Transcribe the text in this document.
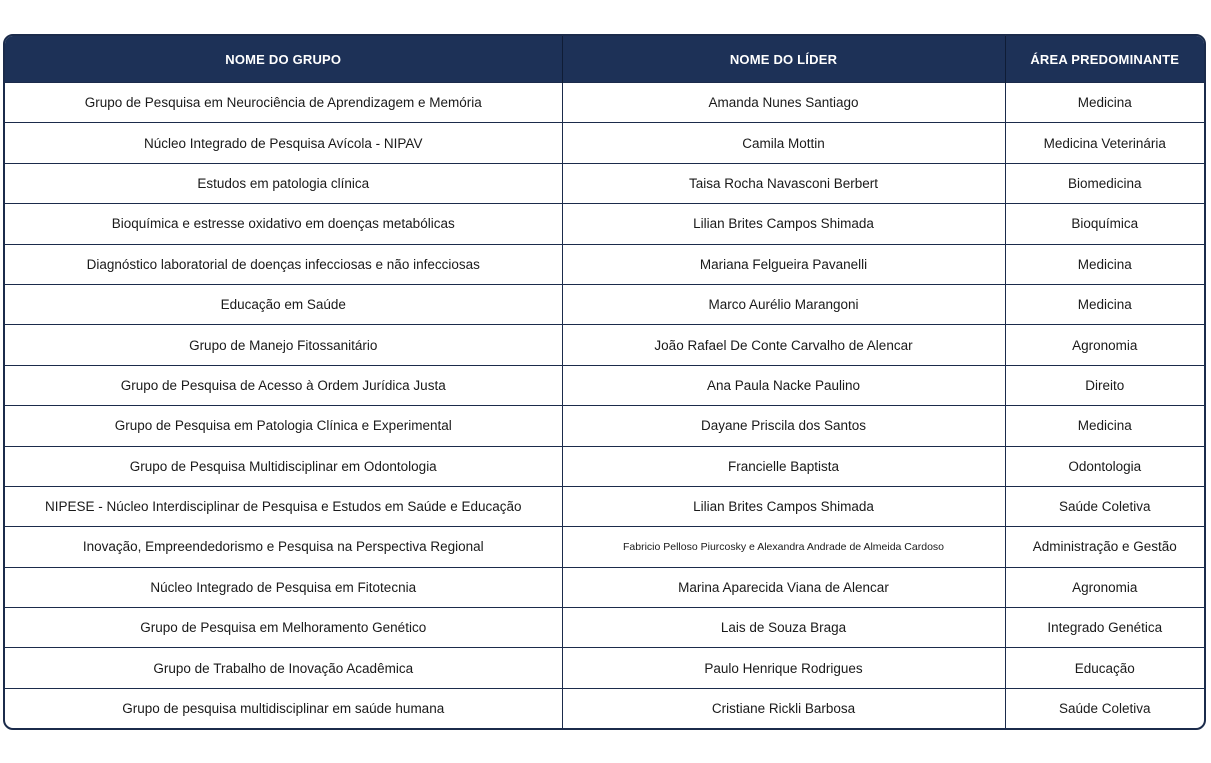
NOME DO GRUPO	NOME DO LÍDER	ÁREA PREDOMINANTE
Grupo de Pesquisa em Neurociência de Aprendizagem e Memória	Amanda Nunes Santiago	Medicina
Núcleo Integrado de Pesquisa Avícola - NIPAV	Camila Mottin	Medicina Veterinária
Estudos em patologia clínica	Taisa Rocha Navasconi Berbert	Biomedicina
Bioquímica e estresse oxidativo em doenças metabólicas	Lilian Brites Campos Shimada	Bioquímica
Diagnóstico laboratorial de doenças infecciosas e não infecciosas	Mariana Felgueira Pavanelli	Medicina
Educação em Saúde	Marco Aurélio Marangoni	Medicina
Grupo de Manejo Fitossanitário	João Rafael De Conte Carvalho de Alencar	Agronomia
Grupo de Pesquisa de Acesso à Ordem Jurídica Justa	Ana Paula Nacke Paulino	Direito
Grupo de Pesquisa em Patologia Clínica e Experimental	Dayane Priscila dos Santos	Medicina
Grupo de Pesquisa Multidisciplinar em Odontologia	Francielle Baptista	Odontologia
NIPESE - Núcleo Interdisciplinar de Pesquisa e Estudos em Saúde e Educação	Lilian Brites Campos Shimada	Saúde Coletiva
Inovação, Empreendedorismo e Pesquisa na Perspectiva Regional	Fabricio Pelloso Piurcosky e Alexandra Andrade de Almeida Cardoso	Administração e Gestão
Núcleo Integrado de Pesquisa em Fitotecnia	Marina Aparecida Viana de Alencar	Agronomia
Grupo de Pesquisa em Melhoramento Genético	Lais de Souza Braga	Integrado Genética
Grupo de Trabalho de Inovação Acadêmica	Paulo Henrique Rodrigues	Educação
Grupo de pesquisa multidisciplinar em saúde humana	Cristiane Rickli Barbosa	Saúde Coletiva
